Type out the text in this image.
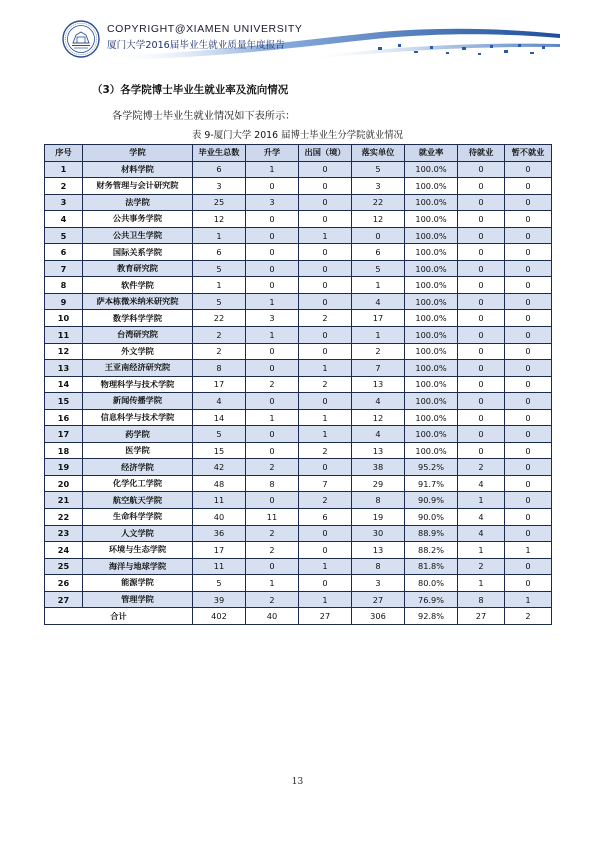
COPYRIGHT@XIAMEN UNIVERSITY
厦门大学2016届毕业生就业质量年度报告
（3）各学院博士毕业生就业率及流向情况
各学院博士毕业生就业情况如下表所示：
表 9-厦门大学 2016 届博士毕业生分学院就业情况
序号	学院	毕业生总数	升学	出国（境）	落实单位	就业率	待就业	暂不就业
1	材料学院	6	1	0	5	100.0%	0	0
2	财务管理与会计研究院	3	0	0	3	100.0%	0	0
3	法学院	25	3	0	22	100.0%	0	0
4	公共事务学院	12	0	0	12	100.0%	0	0
5	公共卫生学院	1	0	1	0	100.0%	0	0
6	国际关系学院	6	0	0	6	100.0%	0	0
7	教育研究院	5	0	0	5	100.0%	0	0
8	软件学院	1	0	0	1	100.0%	0	0
9	萨本栋微米纳米研究院	5	1	0	4	100.0%	0	0
10	数学科学学院	22	3	2	17	100.0%	0	0
11	台湾研究院	2	1	0	1	100.0%	0	0
12	外文学院	2	0	0	2	100.0%	0	0
13	王亚南经济研究院	8	0	1	7	100.0%	0	0
14	物理科学与技术学院	17	2	2	13	100.0%	0	0
15	新闻传播学院	4	0	0	4	100.0%	0	0
16	信息科学与技术学院	14	1	1	12	100.0%	0	0
17	药学院	5	0	1	4	100.0%	0	0
18	医学院	15	0	2	13	100.0%	0	0
19	经济学院	42	2	0	38	95.2%	2	0
20	化学化工学院	48	8	7	29	91.7%	4	0
21	航空航天学院	11	0	2	8	90.9%	1	0
22	生命科学学院	40	11	6	19	90.0%	4	0
23	人文学院	36	2	0	30	88.9%	4	0
24	环境与生态学院	17	2	0	13	88.2%	1	1
25	海洋与地球学院	11	0	1	8	81.8%	2	0
26	能源学院	5	1	0	3	80.0%	1	0
27	管理学院	39	2	1	27	76.9%	8	1
合计		402	40	27	306	92.8%	27	2
13
